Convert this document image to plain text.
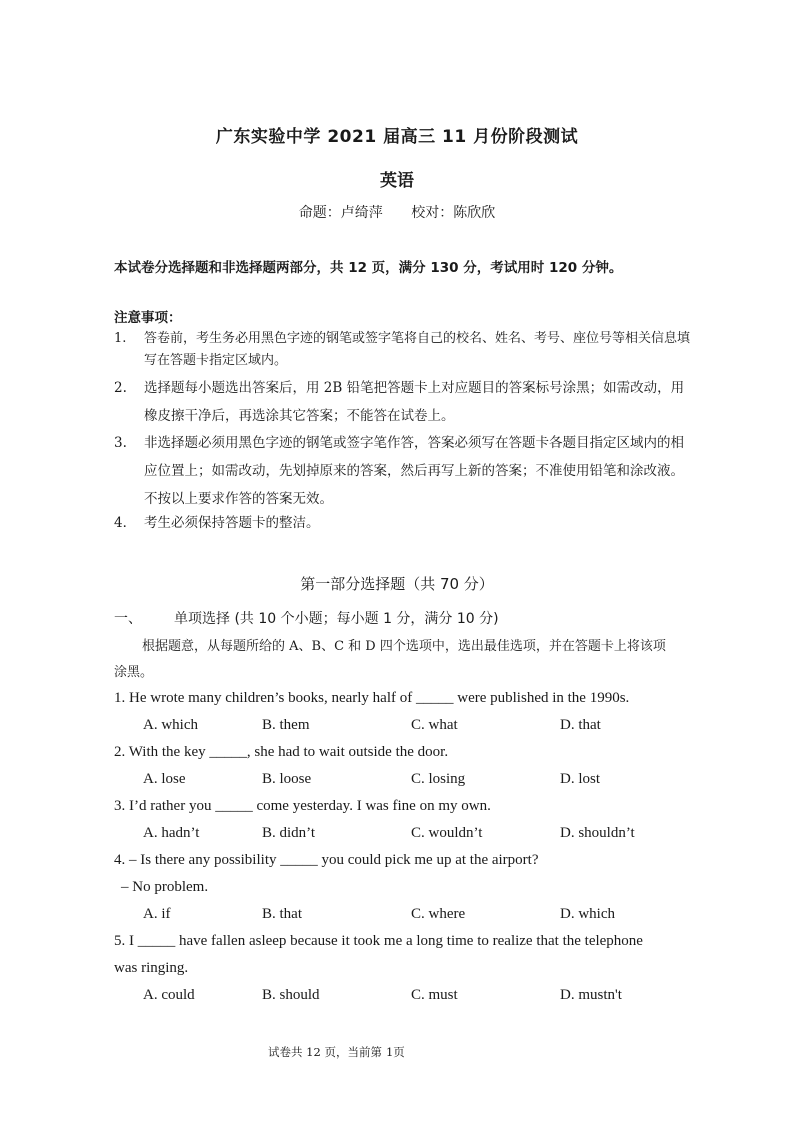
广东实验中学 2021 届高三 11 月份阶段测试
英语
命题：卢绮萍 校对：陈欣欣
本试卷分选择题和非选择题两部分，共 12 页，满分 130 分，考试用时 120 分钟。
注意事项：
1. 答卷前，考生务必用黑色字迹的钢笔或签字笔将自己的校名、姓名、考号、座位号等相关信息填写在答题卡指定区域内。
2. 选择题每小题选出答案后，用 2B 铅笔把答题卡上对应题目的答案标号涂黑；如需改动，用橡皮擦干净后，再选涂其它答案；不能答在试卷上。
3. 非选择题必须用黑色字迹的钢笔或签字笔作答，答案必须写在答题卡各题目指定区域内的相应位置上；如需改动，先划掉原来的答案，然后再写上新的答案；不准使用铅笔和涂改液。不按以上要求作答的答案无效。
4． 考生必须保持答题卡的整洁。
第一部分选择题（共 70 分）
一、 单项选择 (共 10 个小题；每小题 1 分，满分 10 分)
根据题意，从每题所给的 A、B、C 和 D 四个选项中，选出最佳选项，并在答题卡上将该项涂黑。
1. He wrote many children’s books, nearly half of _____ were published in the 1990s.
A. which	B. them	C. what	D. that
2. With the key _____, she had to wait outside the door.
A. lose	B. loose	C. losing	D. lost
3. I’d rather you _____ come yesterday. I was fine on my own.
A. hadn’t	B. didn’t	C. wouldn’t	D. shouldn’t
4. – Is there any possibility _____ you could pick me up at the airport?
– No problem.
A. if	B. that	C. where	D. which
5. I _____ have fallen asleep because it took me a long time to realize that the telephone
was ringing.
A. could	B. should	C. must	D. mustn't
试卷共 12 页，当前第 1页
